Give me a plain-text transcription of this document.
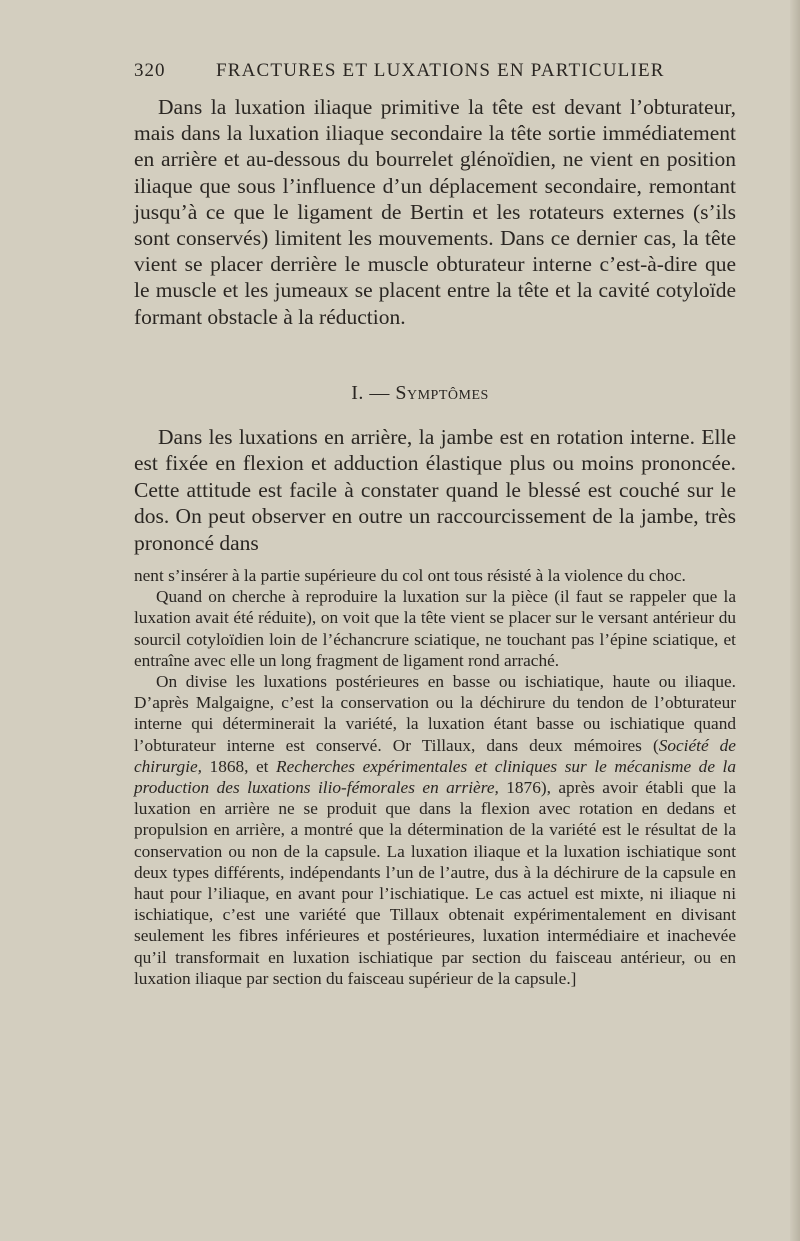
320	FRACTURES ET LUXATIONS EN PARTICULIER

Dans la luxation iliaque primitive la tête est devant l’obturateur, mais dans la luxation iliaque secondaire la tête sortie immédiatement en arrière et au-dessous du bourrelet glénoïdien, ne vient en position iliaque que sous l’influence d’un déplacement secondaire, remontant jusqu’à ce que le ligament de Bertin et les rotateurs externes (s’ils sont conservés) limitent les mouvements. Dans ce dernier cas, la tête vient se placer derrière le muscle obturateur interne c’est-à-dire que le muscle et les jumeaux se placent entre la tête et la cavité cotyloïde formant obstacle à la réduction.

I. — Symptômes

Dans les luxations en arrière, la jambe est en rotation interne. Elle est fixée en flexion et adduction élastique plus ou moins prononcée. Cette attitude est facile à constater quand le blessé est couché sur le dos. On peut observer en outre un raccourcissement de la jambe, très prononcé dans

nent s’insérer à la partie supérieure du col ont tous résisté à la violence du choc.

Quand on cherche à reproduire la luxation sur la pièce (il faut se rappeler que la luxation avait été réduite), on voit que la tête vient se placer sur le versant antérieur du sourcil cotyloïdien loin de l’échancrure sciatique, ne touchant pas l’épine sciatique, et entraîne avec elle un long fragment de ligament rond arraché.

On divise les luxations postérieures en basse ou ischiatique, haute ou iliaque. D’après Malgaigne, c’est la conservation ou la déchirure du tendon de l’obturateur interne qui déterminerait la variété, la luxation étant basse ou ischiatique quand l’obturateur interne est conservé. Or Tillaux, dans deux mémoires (Société de chirurgie, 1868, et Recherches expérimentales et cliniques sur le mécanisme de la production des luxations ilio-fémorales en arrière, 1876), après avoir établi que la luxation en arrière ne se produit que dans la flexion avec rotation en dedans et propulsion en arrière, a montré que la détermination de la variété est le résultat de la conservation ou non de la capsule. La luxation iliaque et la luxation ischiatique sont deux types différents, indépendants l’un de l’autre, dus à la déchirure de la capsule en haut pour l’iliaque, en avant pour l’ischiatique. Le cas actuel est mixte, ni iliaque ni ischiatique, c’est une variété que Tillaux obtenait expérimentalement en divisant seulement les fibres inférieures et postérieures, luxation intermédiaire et inachevée qu’il transformait en luxation ischiatique par section du faisceau antérieur, ou en luxation iliaque par section du faisceau supérieur de la capsule.]
